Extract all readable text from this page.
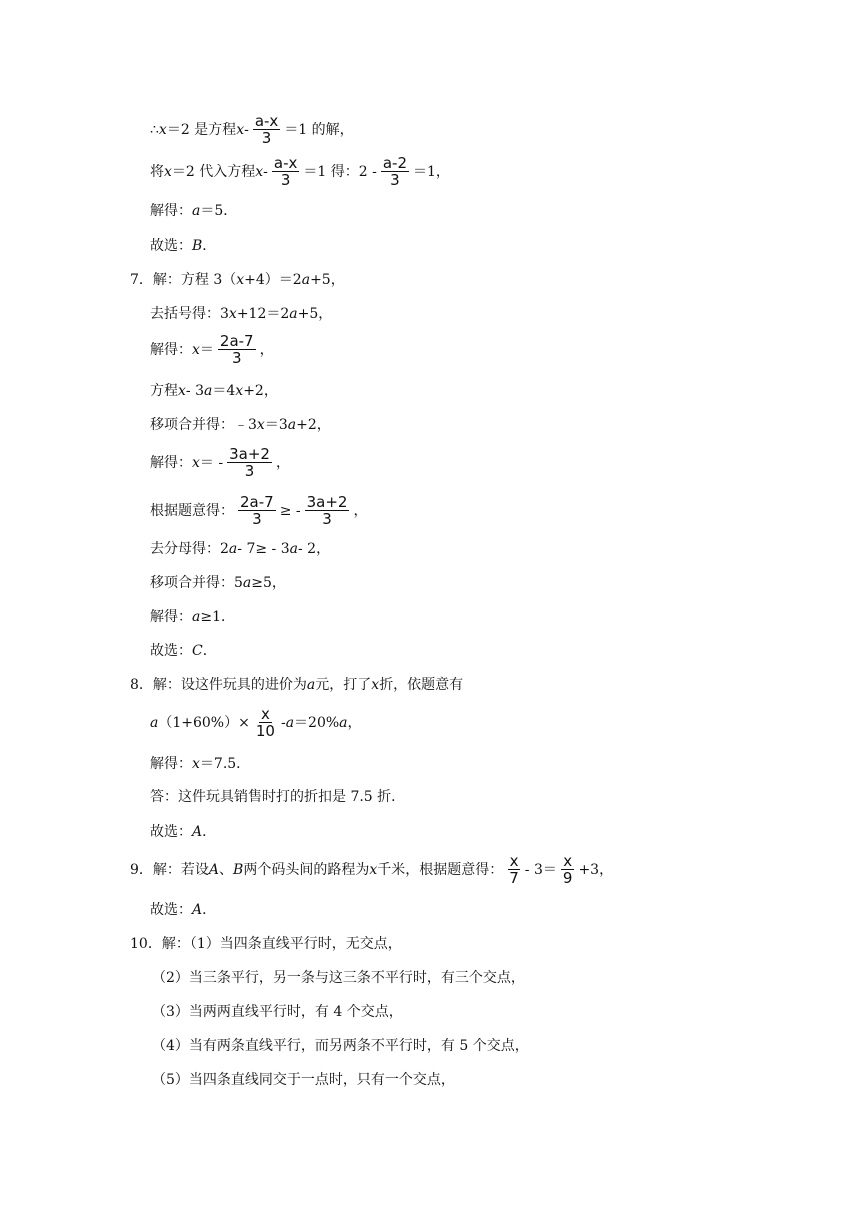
∴ x ＝2 是方程 $x - \frac{a-x}{3} =1$ 的解，
将 x ＝2 代入方程 $x - \frac{a-x}{3} =1$ 得：$2 - \frac{a-2}{3} =1$，
解得： a ＝5．
故选： B ．
7．解：方程 3（ x +4）＝2 a +5，
去括号得：3 x +12＝2 a +5，
解得： $x = \frac{2a-7}{3}$ ，
方程 x - 3 a ＝4 x +2，
移项合并得：﹣3 x ＝3 a +2，
解得： x ＝ - $\frac{3a+2}{3}$ ，
根据题意得： $\frac{2a-7}{3}$ ≥ - $\frac{3a+2}{3}$ ，
去分母得：2 a - 7≥ - 3 a - 2，
移项合并得：5 a ≥5，
解得： a ≥1．
故选： C ．
8．解：设这件玩具的进价为 a 元，打了 x 折，依题意有
a $(1+60\%)\times \frac{x}{10} - a =20\%$ a ，
解得： x ＝7.5．
答：这件玩具销售时打的折扣是 7.5 折．
故选： A ．
9．解：若设 A 、 B 两个码头间的路程为 x 千米，根据题意得： $\frac{x}{7} - 3= \frac{x}{9} +3$，
故选： A ．
10．解：（1）当四条直线平行时，无交点，
（2）当三条平行，另一条与这三条不平行时，有三个交点，
（3）当两两直线平行时，有 4 个交点，
（4）当有两条直线平行，而另两条不平行时，有 5 个交点，
（5）当四条直线同交于一点时，只有一个交点，
